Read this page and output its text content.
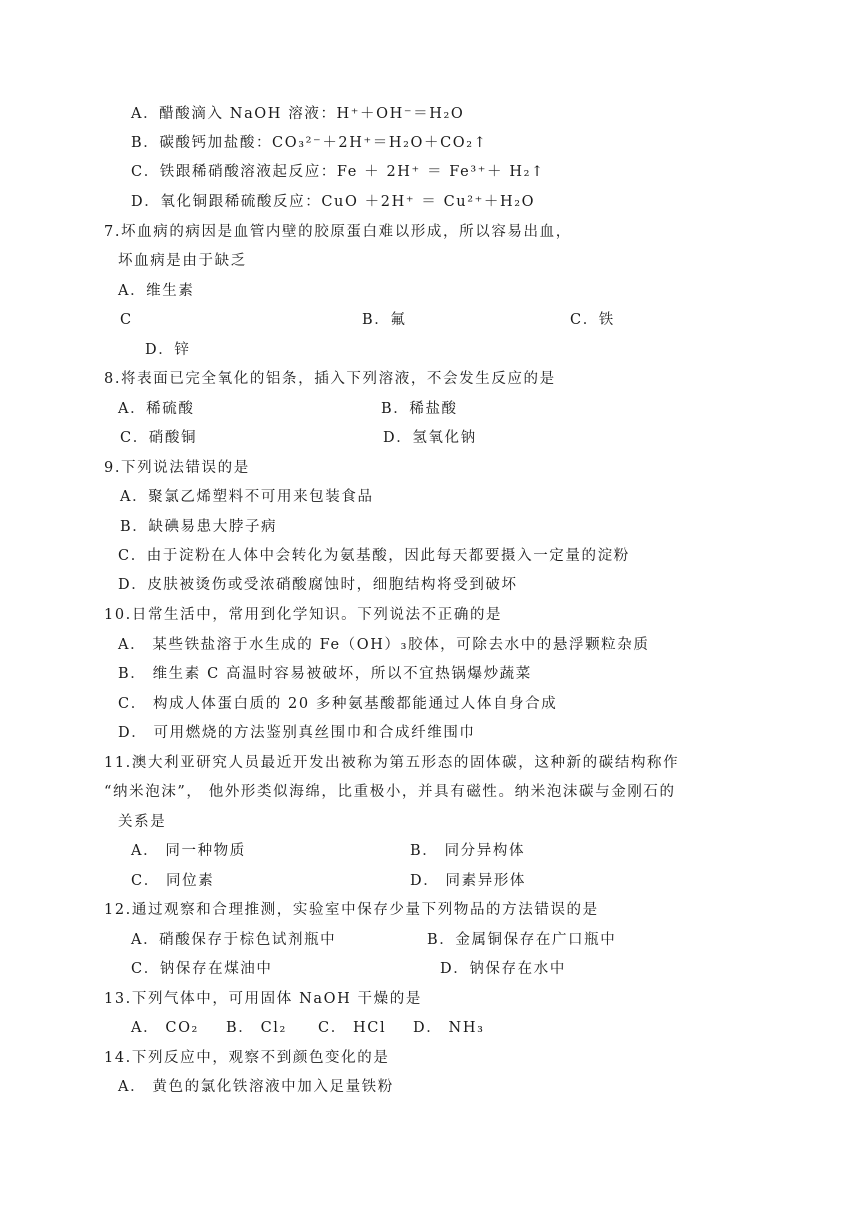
A．醋酸滴入 NaOH 溶液：H⁺＋OH⁻＝H₂O
B．碳酸钙加盐酸：CO₃²⁻＋2H⁺＝H₂O＋CO₂↑
C．铁跟稀硝酸溶液起反应：Fe ＋ 2H⁺ ＝ Fe³⁺＋ H₂↑
D．氧化铜跟稀硫酸反应：CuO ＋2H⁺ ＝ Cu²⁺＋H₂O
7.坏血病的病因是血管内壁的胶原蛋白难以形成，所以容易出血，
坏血病是由于缺乏
A．维生素
C	B．氟	C．铁
D．锌
8.将表面已完全氧化的铝条，插入下列溶液，不会发生反应的是
A．稀硫酸	B．稀盐酸
C．硝酸铜	D．氢氧化钠
9.下列说法错误的是
A．聚氯乙烯塑料不可用来包装食品
B．缺碘易患大脖子病
C．由于淀粉在人体中会转化为氨基酸，因此每天都要摄入一定量的淀粉
D．皮肤被烫伤或受浓硝酸腐蚀时，细胞结构将受到破坏
10.日常生活中，常用到化学知识。下列说法不正确的是
A． 某些铁盐溶于水生成的 Fe（OH）₃胶体，可除去水中的悬浮颗粒杂质
B． 维生素 C 高温时容易被破坏，所以不宜热锅爆炒蔬菜
C． 构成人体蛋白质的 20 多种氨基酸都能通过人体自身合成
D． 可用燃烧的方法鉴别真丝围巾和合成纤维围巾
11.澳大利亚研究人员最近开发出被称为第五形态的固体碳，这种新的碳结构称作
“纳米泡沫”， 他外形类似海绵，比重极小，并具有磁性。纳米泡沫碳与金刚石的
关系是
A． 同一种物质	B． 同分异构体
C． 同位素	D． 同素异形体
12.通过观察和合理推测，实验室中保存少量下列物品的方法错误的是
A．硝酸保存于棕色试剂瓶中	B．金属铜保存在广口瓶中
C．钠保存在煤油中	D．钠保存在水中
13.下列气体中，可用固体 NaOH 干燥的是
A． CO₂ B． Cl₂ C． HCl D． NH₃
14.下列反应中，观察不到颜色变化的是
A． 黄色的氯化铁溶液中加入足量铁粉
